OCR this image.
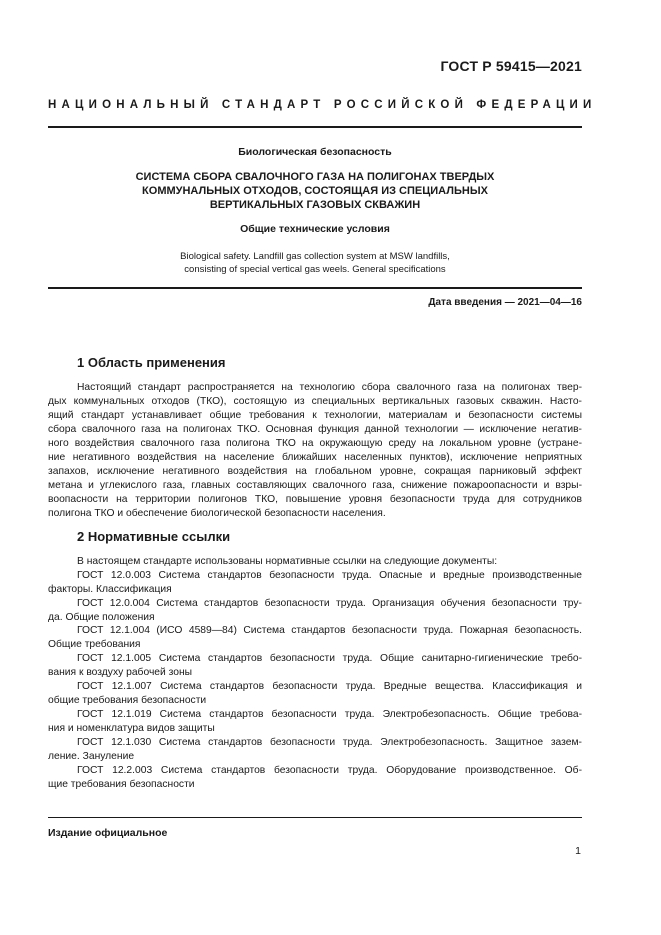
ГОСТ Р 59415—2021
НАЦИОНАЛЬНЫЙ СТАНДАРТ РОССИЙСКОЙ ФЕДЕРАЦИИ
Биологическая безопасность
СИСТЕМА СБОРА СВАЛОЧНОГО ГАЗА НА ПОЛИГОНАХ ТВЕРДЫХ
КОММУНАЛЬНЫХ ОТХОДОВ, СОСТОЯЩАЯ ИЗ СПЕЦИАЛЬНЫХ
ВЕРТИКАЛЬНЫХ ГАЗОВЫХ СКВАЖИН
Общие технические условия
Biological safety. Landfill gas collection system at MSW landfills,
consisting of special vertical gas weels. General specifications
Дата введения — 2021—04—16
1 Область применения
Настоящий стандарт распространяется на технологию сбора свалочного газа на полигонах твер-
дых коммунальных отходов (ТКО), состоящую из специальных вертикальных газовых скважин. Насто-
ящий стандарт устанавливает общие требования к технологии, материалам и безопасности системы
сбора свалочного газа на полигонах ТКО. Основная функция данной технологии — исключение негатив-
ного воздействия свалочного газа полигона ТКО на окружающую среду на локальном уровне (устране-
ние негативного воздействия на население ближайших населенных пунктов), исключение неприятных
запахов, исключение негативного воздействия на глобальном уровне, сокращая парниковый эффект
метана и углекислого газа, главных составляющих свалочного газа, снижение пожароопасности и взры-
воопасности на территории полигонов ТКО, повышение уровня безопасности труда для сотрудников
полигона ТКО и обеспечение биологической безопасности населения.
2 Нормативные ссылки
В настоящем стандарте использованы нормативные ссылки на следующие документы:
ГОСТ 12.0.003 Система стандартов безопасности труда. Опасные и вредные производственные
факторы. Классификация
ГОСТ 12.0.004 Система стандартов безопасности труда. Организация обучения безопасности тру-
да. Общие положения
ГОСТ 12.1.004 (ИСО 4589—84) Система стандартов безопасности труда. Пожарная безопасность.
Общие требования
ГОСТ 12.1.005 Система стандартов безопасности труда. Общие санитарно-гигиенические требо-
вания к воздуху рабочей зоны
ГОСТ 12.1.007 Система стандартов безопасности труда. Вредные вещества. Классификация и
общие требования безопасности
ГОСТ 12.1.019 Система стандартов безопасности труда. Электробезопасность. Общие требова-
ния и номенклатура видов защиты
ГОСТ 12.1.030 Система стандартов безопасности труда. Электробезопасность. Защитное зазем-
ление. Зануление
ГОСТ 12.2.003 Система стандартов безопасности труда. Оборудование производственное. Об-
щие требования безопасности
Издание официальное
1
